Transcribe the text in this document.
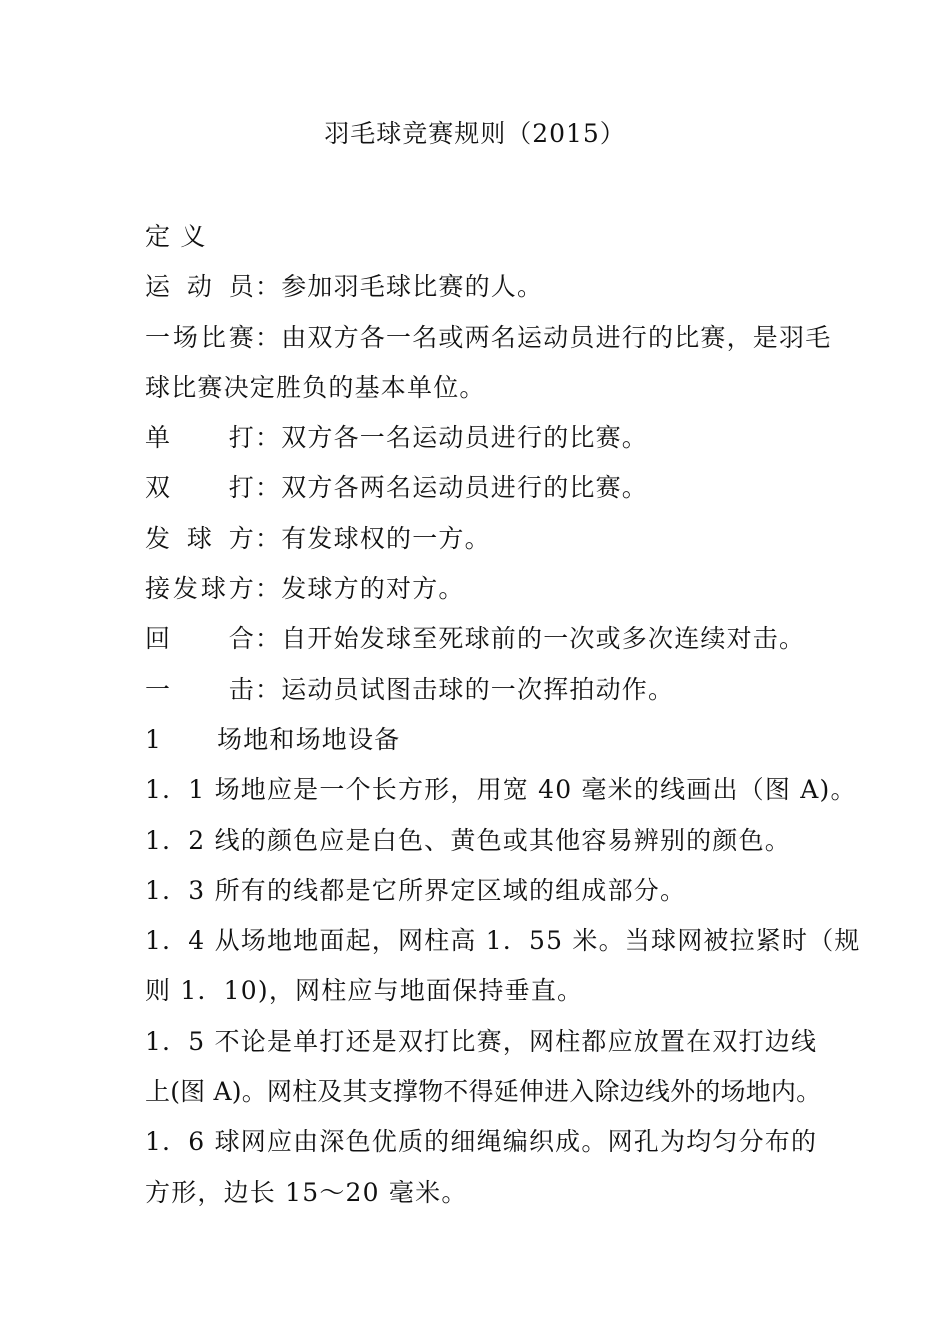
羽毛球竞赛规则（2015）
定 义
运动员：参加羽毛球比赛的人。
一场比赛：由双方各一名或两名运动员进行的比赛，是羽毛
球比赛决定胜负的基本单位。
单打：双方各一名运动员进行的比赛。
双打：双方各两名运动员进行的比赛。
发球方：有发球权的一方。
接发球方：发球方的对方。
回合：自开始发球至死球前的一次或多次连续对击。
一击：运动员试图击球的一次挥拍动作。
1 场地和场地设备
1．1 场地应是一个长方形，用宽 40 毫米的线画出（图 A)。
1．2 线的颜色应是白色、黄色或其他容易辨别的颜色。
1．3 所有的线都是它所界定区域的组成部分。
1．4 从场地地面起，网柱高 1．55 米。当球网被拉紧时（规
则 1．10)，网柱应与地面保持垂直。
1．5 不论是单打还是双打比赛，网柱都应放置在双打边线
上(图 A)。网柱及其支撑物不得延伸进入除边线外的场地内。
1．6 球网应由深色优质的细绳编织成。网孔为均匀分布的
方形，边长 15～20 毫米。
